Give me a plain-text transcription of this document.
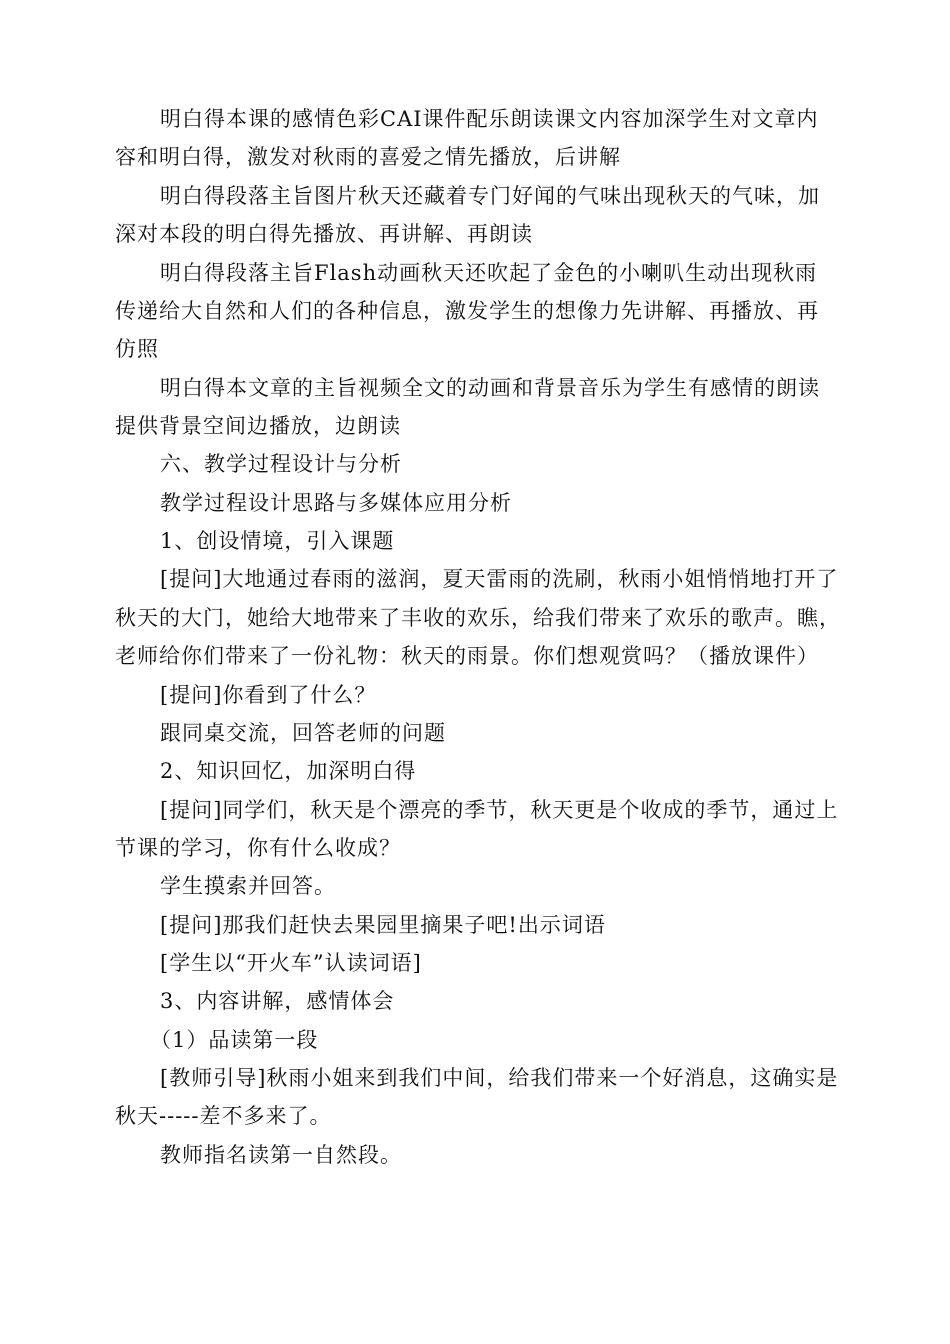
明白得本课的感情色彩CAI课件配乐朗读课文内容加深学生对文章内
容和明白得，激发对秋雨的喜爱之情先播放，后讲解
明白得段落主旨图片秋天还藏着专门好闻的气味出现秋天的气味，加
深对本段的明白得先播放、再讲解、再朗读
明白得段落主旨Flash动画秋天还吹起了金色的小喇叭生动出现秋雨
传递给大自然和人们的各种信息，激发学生的想像力先讲解、再播放、再
仿照
明白得本文章的主旨视频全文的动画和背景音乐为学生有感情的朗读
提供背景空间边播放，边朗读
六、教学过程设计与分析
教学过程设计思路与多媒体应用分析
1、创设情境，引入课题
[提问]大地通过春雨的滋润，夏天雷雨的洗刷，秋雨小姐悄悄地打开了
秋天的大门，她给大地带来了丰收的欢乐，给我们带来了欢乐的歌声。瞧，
老师给你们带来了一份礼物：秋天的雨景。你们想观赏吗？（播放课件）
[提问]你看到了什么？
跟同桌交流，回答老师的问题
2、知识回忆，加深明白得
[提问]同学们，秋天是个漂亮的季节，秋天更是个收成的季节，通过上
节课的学习，你有什么收成？
学生摸索并回答。
[提问]那我们赶快去果园里摘果子吧!出示词语
[学生以“开火车”认读词语]
3、内容讲解，感情体会
（1）品读第一段
[教师引导]秋雨小姐来到我们中间，给我们带来一个好消息，这确实是
秋天-----差不多来了。
教师指名读第一自然段。
